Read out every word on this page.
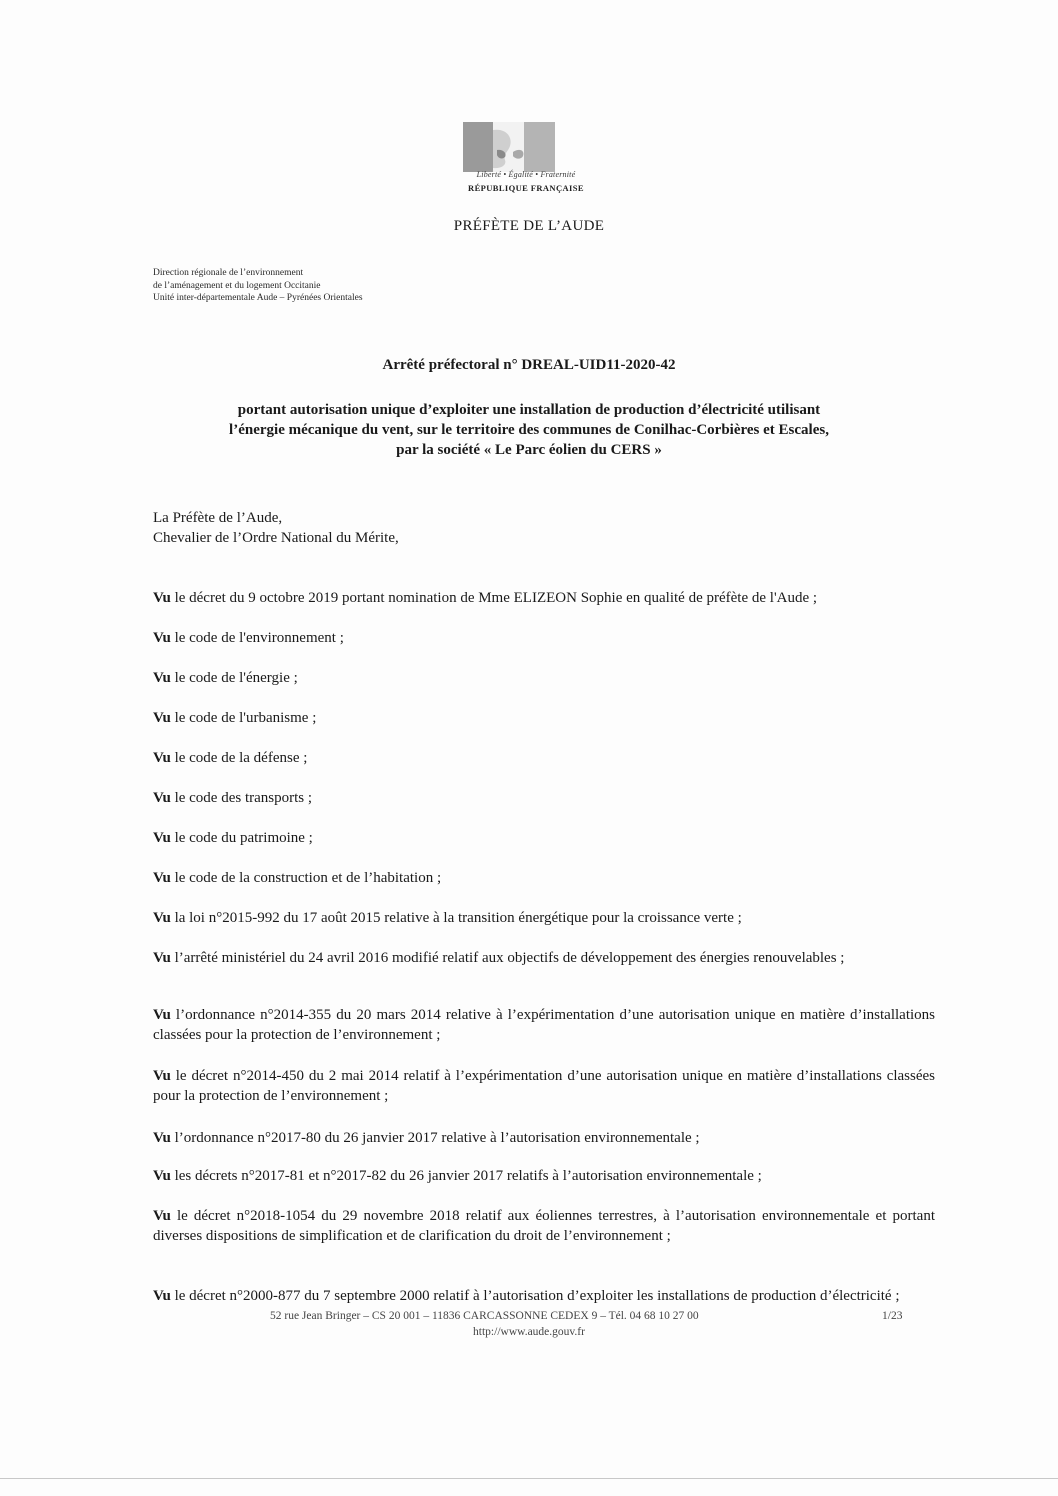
Liberté • Égalité • Fraternité
RÉPUBLIQUE FRANÇAISE
PRÉFÈTE DE L’AUDE
Direction régionale de l’environnement
de l’aménagement et du logement Occitanie
Unité inter-départementale Aude – Pyrénées Orientales
Arrêté préfectoral n° DREAL-UID11-2020-42
portant autorisation unique d’exploiter une installation de production d’électricité utilisant
l’énergie mécanique du vent, sur le territoire des communes de Conilhac-Corbières et Escales,
par la société « Le Parc éolien du CERS »
La Préfète de l’Aude,
Chevalier de l’Ordre National du Mérite,
Vu le décret du 9 octobre 2019 portant nomination de Mme ELIZEON Sophie en qualité de préfète de l'Aude ;
Vu le code de l'environnement ;
Vu le code de l'énergie ;
Vu le code de l'urbanisme ;
Vu le code de la défense ;
Vu le code des transports ;
Vu le code du patrimoine ;
Vu le code de la construction et de l’habitation ;
Vu la loi n°2015-992 du 17 août 2015 relative à la transition énergétique pour la croissance verte ;
Vu l’arrêté ministériel du 24 avril 2016 modifié relatif aux objectifs de développement des énergies renouvelables ;
Vu l’ordonnance n°2014-355 du 20 mars 2014 relative à l’expérimentation d’une autorisation unique en matière d’installations classées pour la protection de l’environnement ;
Vu le décret n°2014-450 du 2 mai 2014 relatif à l’expérimentation d’une autorisation unique en matière d’installations classées pour la protection de l’environnement ;
Vu l’ordonnance n°2017-80 du 26 janvier 2017 relative à l’autorisation environnementale ;
Vu les décrets n°2017-81 et n°2017-82 du 26 janvier 2017 relatifs à l’autorisation environnementale ;
Vu le décret n°2018-1054 du 29 novembre 2018 relatif aux éoliennes terrestres, à l’autorisation environnementale et portant diverses dispositions de simplification et de clarification du droit de l’environnement ;
Vu le décret n°2000-877 du 7 septembre 2000 relatif à l’autorisation d’exploiter les installations de production d’électricité ;
52 rue Jean Bringer – CS 20 001 – 11836 CARCASSONNE CEDEX 9 – Tél. 04 68 10 27 00	1/23
http://www.aude.gouv.fr
